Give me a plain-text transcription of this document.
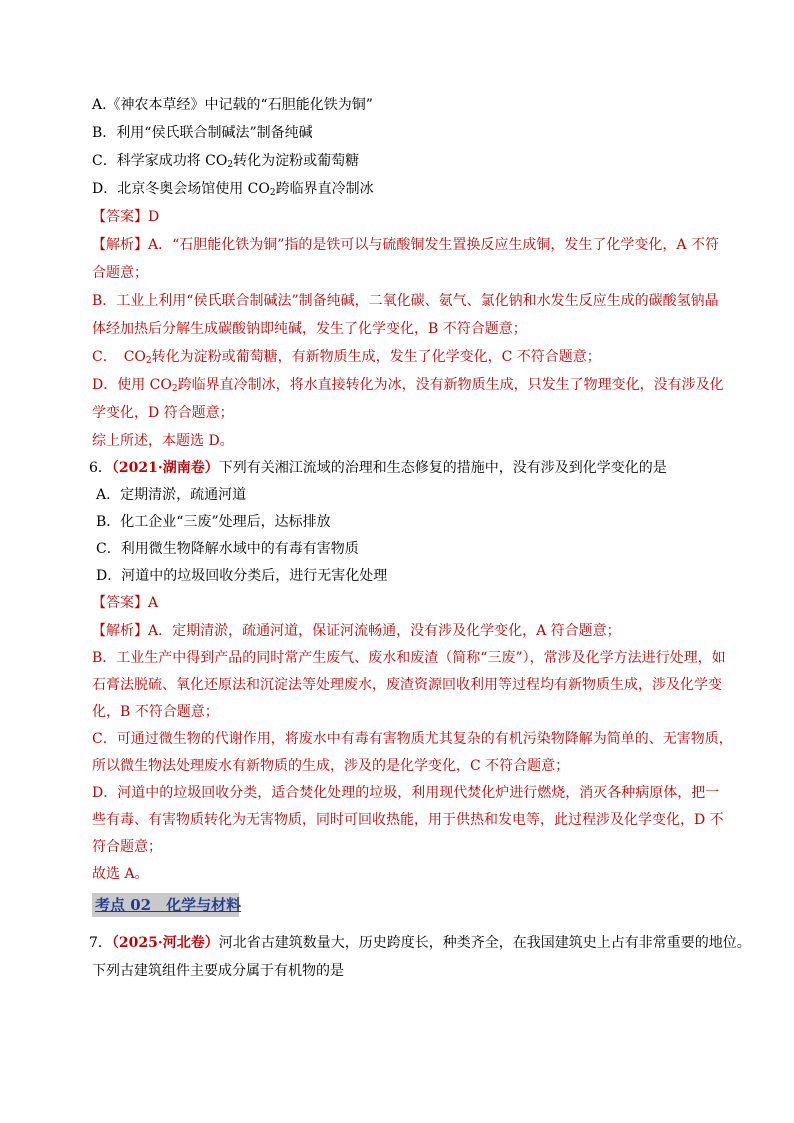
A.《神农本草经》中记载的“石胆能化铁为铜”
B．利用“侯氏联合制碱法”制备纯碱
C．科学家成功将 $CO_2$转化为淀粉或葡萄糖
D．北京冬奥会场馆使用 $CO_2$跨临界直冷制冰
【答案】D
【解析】A．“石胆能化铁为铜”指的是铁可以与硫酸铜发生置换反应生成铜，发生了化学变化，A 不符
合题意；
B．工业上利用“侯氏联合制碱法”制备纯碱，二氧化碳、氨气、氯化钠和水发生反应生成的碳酸氢钠晶
体经加热后分解生成碳酸钠即纯碱，发生了化学变化，B 不符合题意；
C．　$CO_2$转化为淀粉或葡萄糖，有新物质生成，发生了化学变化，C 不符合题意；
D．使用 $CO_2$跨临界直冷制冰，将水直接转化为冰，没有新物质生成，只发生了物理变化，没有涉及化
学变化，D 符合题意；
综上所述，本题选 D。
6．（2021·湖南卷）下列有关湘江流域的治理和生态修复的措施中，没有涉及到化学变化的是
A．定期清淤，疏通河道
B．化工企业“三废”处理后，达标排放
C．利用微生物降解水域中的有毒有害物质
D．河道中的垃圾回收分类后，进行无害化处理
【答案】A
【解析】A．定期清淤，疏通河道，保证河流畅通，没有涉及化学变化，A 符合题意；
B．工业生产中得到产品的同时常产生废气、废水和废渣（简称“三废”），常涉及化学方法进行处理，如
石膏法脱硫、氧化还原法和沉淀法等处理废水，废渣资源回收利用等过程均有新物质生成，涉及化学变
化，B 不符合题意；
C．可通过微生物的代谢作用，将废水中有毒有害物质尤其复杂的有机污染物降解为简单的、无害物质，
所以微生物法处理废水有新物质的生成，涉及的是化学变化，C 不符合题意；
D．河道中的垃圾回收分类，适合焚化处理的垃圾，利用现代焚化炉进行燃烧，消灭各种病原体，把一
些有毒、有害物质转化为无害物质，同时可回收热能，用于供热和发电等，此过程涉及化学变化，D 不
符合题意；
故选 A。
考点 02　化学与材料
7．（2025·河北卷）河北省古建筑数量大，历史跨度长，种类齐全，在我国建筑史上占有非常重要的地位。
下列古建筑组件主要成分属于有机物的是
